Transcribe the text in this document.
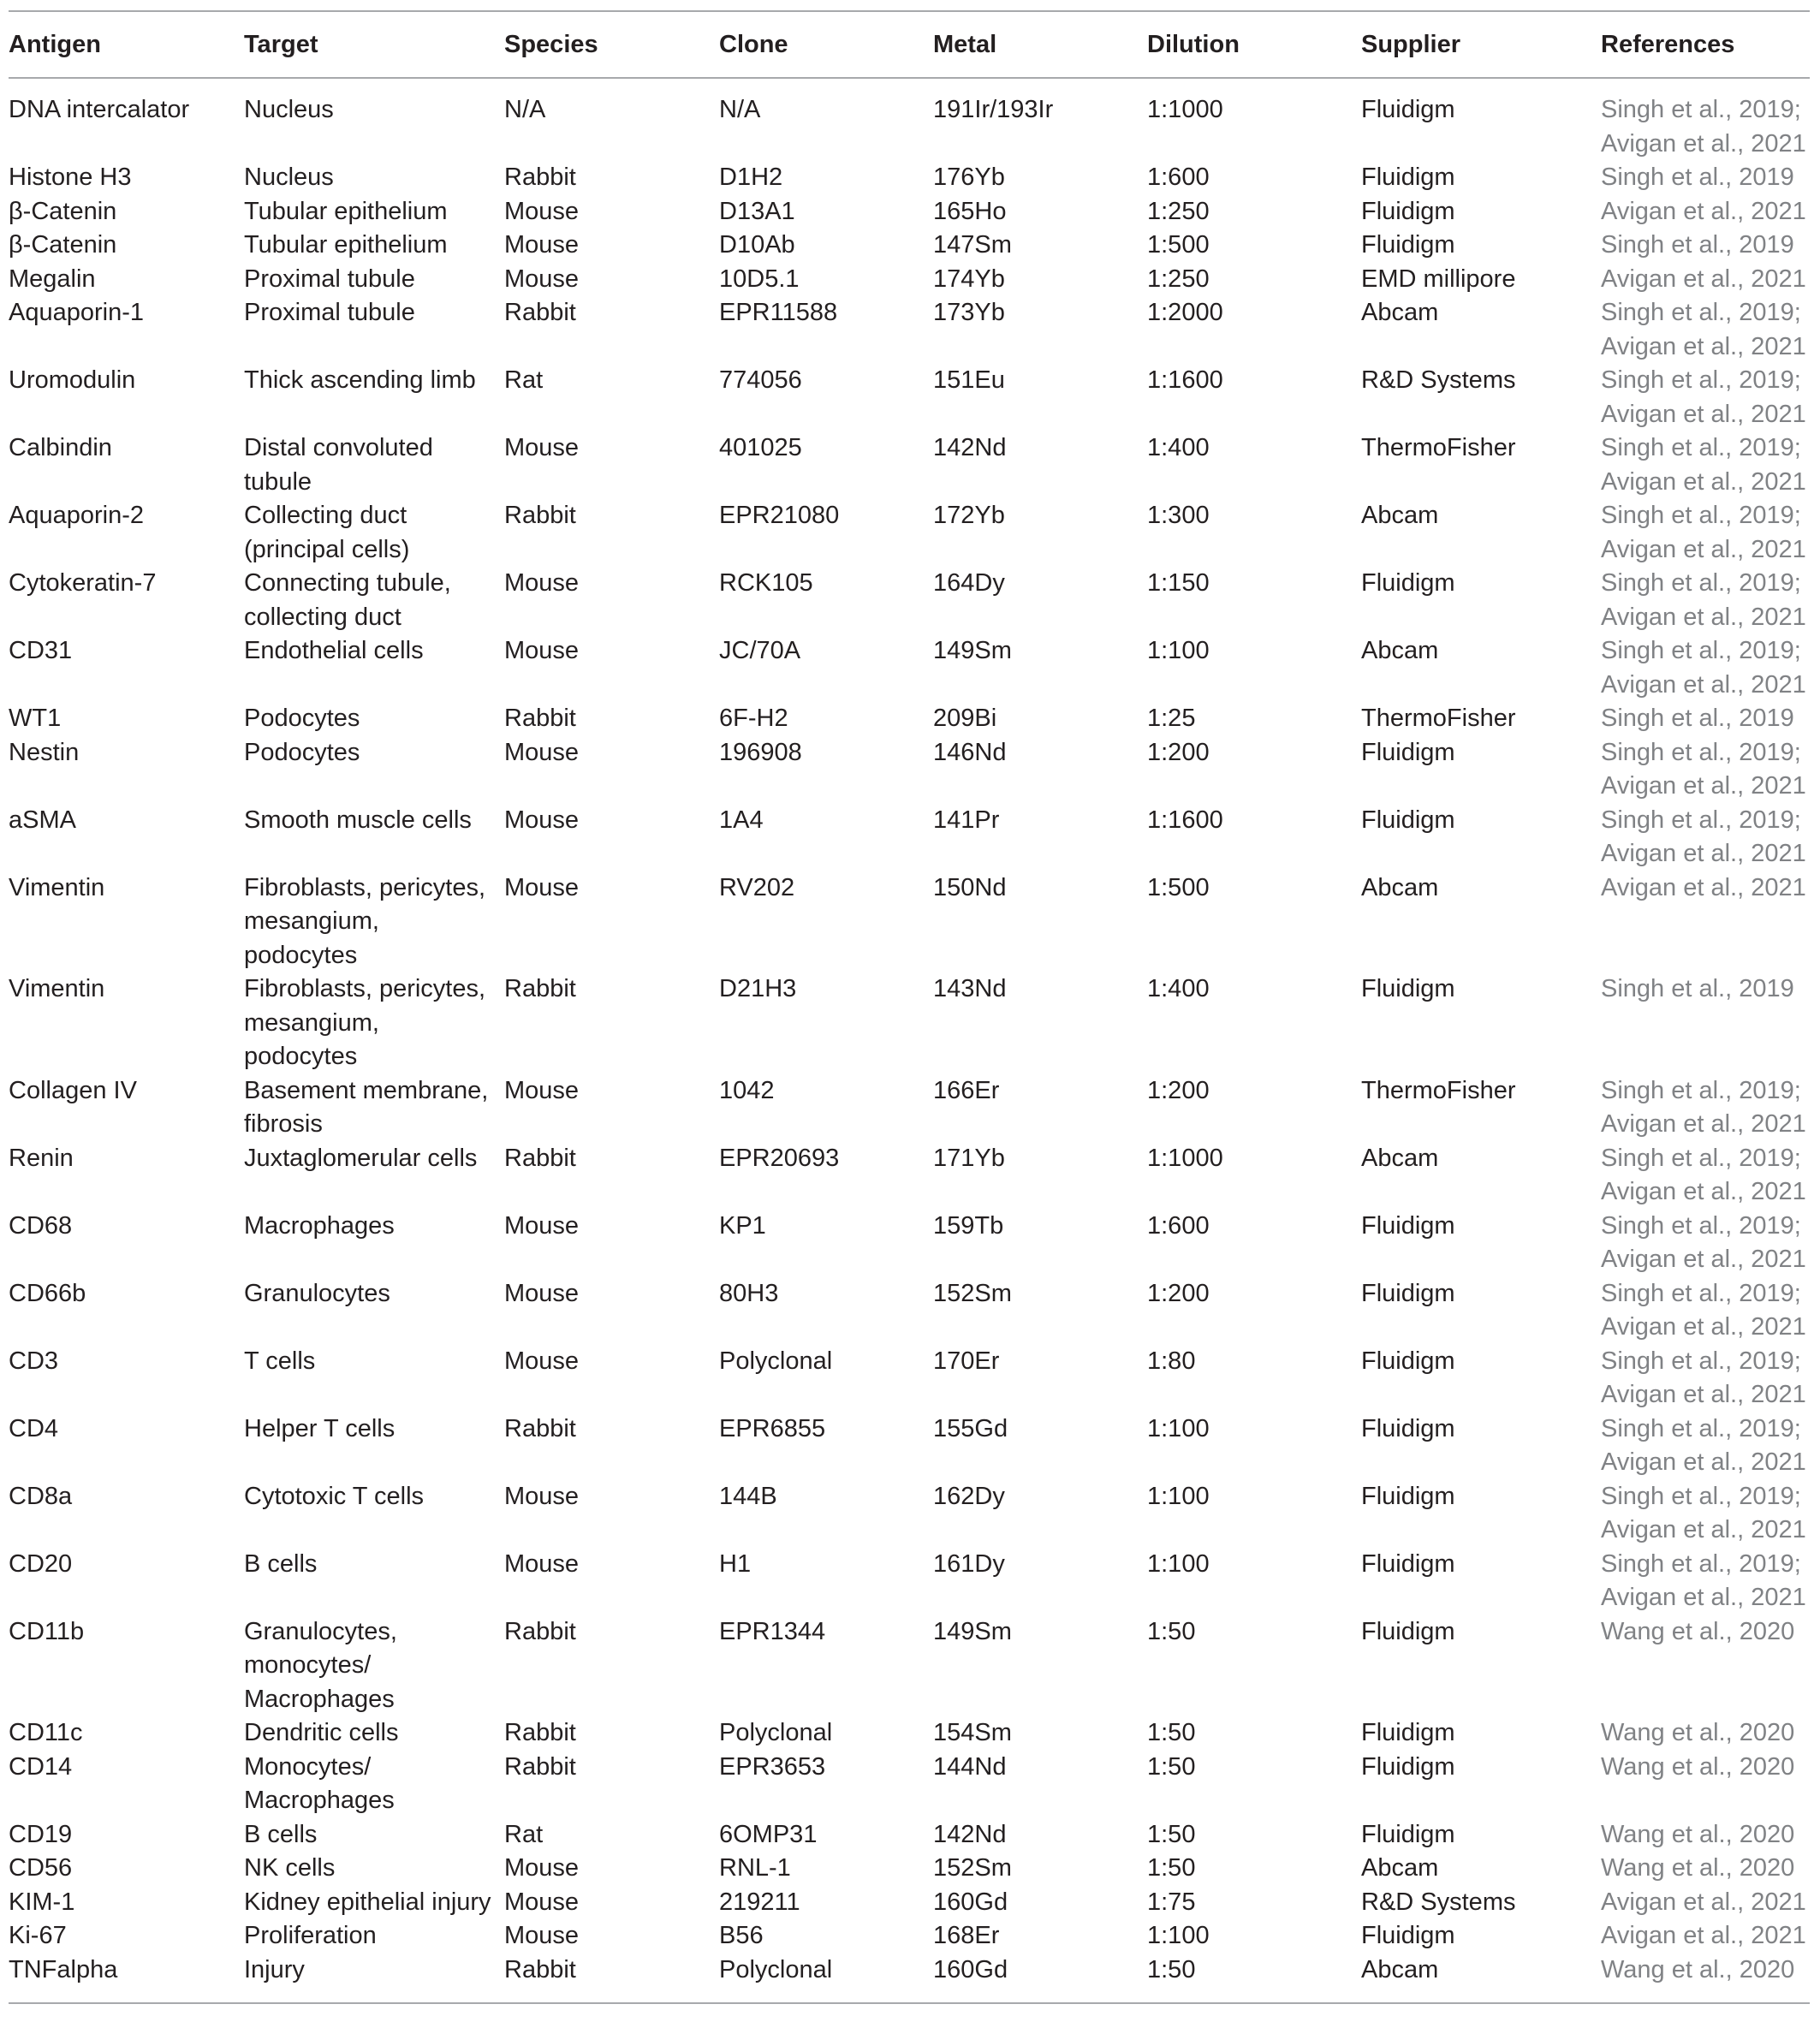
Antigen	Target	Species	Clone	Metal	Dilution	Supplier	References
DNA intercalator	Nucleus	N/A	N/A	191Ir/193Ir	1:1000	Fluidigm	Singh et al., 2019;
Avigan et al., 2021

Histone H3	Nucleus	Rabbit	D1H2	176Yb	1:600	Fluidigm	Singh et al., 2019

β-Catenin	Tubular epithelium	Mouse	D13A1	165Ho	1:250	Fluidigm	Avigan et al., 2021

β-Catenin	Tubular epithelium	Mouse	D10Ab	147Sm	1:500	Fluidigm	Singh et al., 2019

Megalin	Proximal tubule	Mouse	10D5.1	174Yb	1:250	EMD millipore	Avigan et al., 2021

Aquaporin-1	Proximal tubule	Rabbit	EPR11588	173Yb	1:2000	Abcam	Singh et al., 2019;
Avigan et al., 2021

Uromodulin	Thick ascending limb	Rat	774056	151Eu	1:1600	R&D Systems	Singh et al., 2019;
Avigan et al., 2021

Calbindin	Distal convoluted
tubule	Mouse	401025	142Nd	1:400	ThermoFisher	Singh et al., 2019;
Avigan et al., 2021

Aquaporin-2	Collecting duct
(principal cells)	Rabbit	EPR21080	172Yb	1:300	Abcam	Singh et al., 2019;
Avigan et al., 2021

Cytokeratin-7	Connecting tubule,
collecting duct	Mouse	RCK105	164Dy	1:150	Fluidigm	Singh et al., 2019;
Avigan et al., 2021

CD31	Endothelial cells	Mouse	JC/70A	149Sm	1:100	Abcam	Singh et al., 2019;
Avigan et al., 2021

WT1	Podocytes	Rabbit	6F-H2	209Bi	1:25	ThermoFisher	Singh et al., 2019

Nestin	Podocytes	Mouse	196908	146Nd	1:200	Fluidigm	Singh et al., 2019;
Avigan et al., 2021

aSMA	Smooth muscle cells	Mouse	1A4	141Pr	1:1600	Fluidigm	Singh et al., 2019;
Avigan et al., 2021

Vimentin	Fibroblasts, pericytes,
mesangium,
podocytes	Mouse	RV202	150Nd	1:500	Abcam	Avigan et al., 2021

Vimentin	Fibroblasts, pericytes,
mesangium,
podocytes	Rabbit	D21H3	143Nd	1:400	Fluidigm	Singh et al., 2019

Collagen IV	Basement membrane,
fibrosis	Mouse	1042	166Er	1:200	ThermoFisher	Singh et al., 2019;
Avigan et al., 2021

Renin	Juxtaglomerular cells	Rabbit	EPR20693	171Yb	1:1000	Abcam	Singh et al., 2019;
Avigan et al., 2021

CD68	Macrophages	Mouse	KP1	159Tb	1:600	Fluidigm	Singh et al., 2019;
Avigan et al., 2021

CD66b	Granulocytes	Mouse	80H3	152Sm	1:200	Fluidigm	Singh et al., 2019;
Avigan et al., 2021

CD3	T cells	Mouse	Polyclonal	170Er	1:80	Fluidigm	Singh et al., 2019;
Avigan et al., 2021

CD4	Helper T cells	Rabbit	EPR6855	155Gd	1:100	Fluidigm	Singh et al., 2019;
Avigan et al., 2021

CD8a	Cytotoxic T cells	Mouse	144B	162Dy	1:100	Fluidigm	Singh et al., 2019;
Avigan et al., 2021

CD20	B cells	Mouse	H1	161Dy	1:100	Fluidigm	Singh et al., 2019;
Avigan et al., 2021

CD11b	Granulocytes,
monocytes/
Macrophages	Rabbit	EPR1344	149Sm	1:50	Fluidigm	Wang et al., 2020

CD11c	Dendritic cells	Rabbit	Polyclonal	154Sm	1:50	Fluidigm	Wang et al., 2020

CD14	Monocytes/
Macrophages	Rabbit	EPR3653	144Nd	1:50	Fluidigm	Wang et al., 2020

CD19	B cells	Rat	6OMP31	142Nd	1:50	Fluidigm	Wang et al., 2020

CD56	NK cells	Mouse	RNL-1	152Sm	1:50	Abcam	Wang et al., 2020

KIM-1	Kidney epithelial injury	Mouse	219211	160Gd	1:75	R&D Systems	Avigan et al., 2021

Ki-67	Proliferation	Mouse	B56	168Er	1:100	Fluidigm	Avigan et al., 2021

TNFalpha	Injury	Rabbit	Polyclonal	160Gd	1:50	Abcam	Wang et al., 2020
